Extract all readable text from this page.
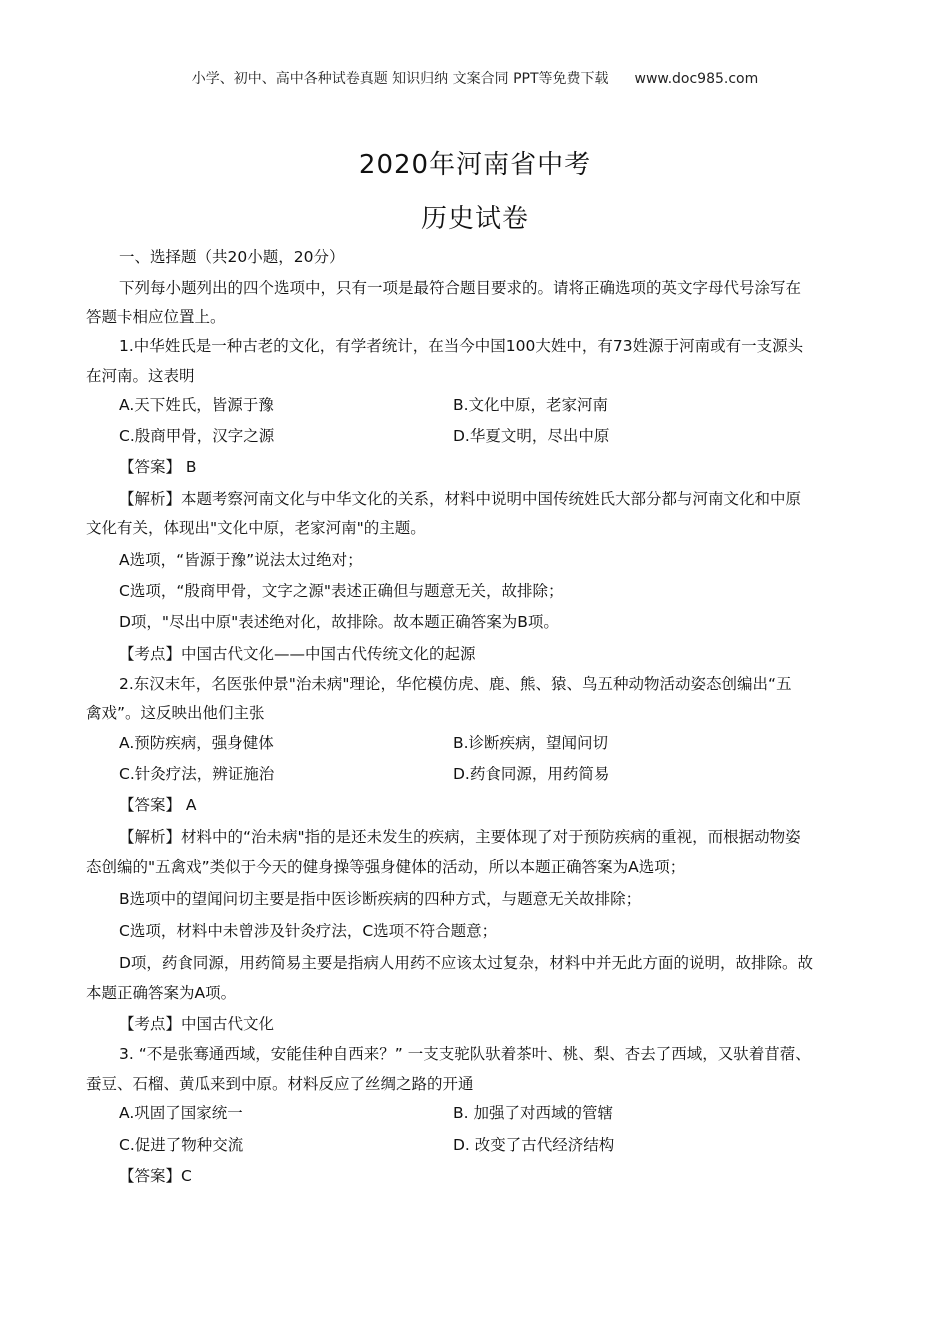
小学、初中、高中各种试卷真题 知识归纳 文案合同 PPT等免费下载 www.doc985.com
2020年河南省中考
历史试卷
一、选择题（共20小题，20分）
下列每小题列出的四个选项中，只有一项是最符合题目要求的。请将正确选项的英文字母代号涂写在
答题卡相应位置上。
1.中华姓氏是一种古老的文化，有学者统计，在当今中国100大姓中，有73姓源于河南或有一支源头
在河南。这表明
A.天下姓氏，皆源于豫	B.文化中原，老家河南
C.殷商甲骨，汉字之源	D.华夏文明，尽出中原
【答案】 B
【解析】本题考察河南文化与中华文化的关系，材料中说明中国传统姓氏大部分都与河南文化和中原
文化有关，体现出"文化中原，老家河南"的主题。
A选项，“皆源于豫”说法太过绝对；
C选项，“殷商甲骨，文字之源"表述正确但与题意无关，故排除；
D项，"尽出中原"表述绝对化，故排除。故本题正确答案为B项。
【考点】中国古代文化——中国古代传统文化的起源
2.东汉末年，名医张仲景"治未病"理论，华佗模仿虎、鹿、熊、猿、鸟五种动物活动姿态创编出“五
禽戏”。这反映出他们主张
A.预防疾病，强身健体	B.诊断疾病，望闻问切
C.针灸疗法，辨证施治	D.药食同源，用药简易
【答案】 A
【解析】材料中的“治未病"指的是还未发生的疾病，主要体现了对于预防疾病的重视，而根据动物姿
态创编的"五禽戏”类似于今天的健身操等强身健体的活动，所以本题正确答案为A选项；
B选项中的望闻问切主要是指中医诊断疾病的四种方式，与题意无关故排除；
C选项，材料中未曾涉及针灸疗法，C选项不符合题意；
D项，药食同源，用药简易主要是指病人用药不应该太过复杂，材料中并无此方面的说明，故排除。故
本题正确答案为A项。
【考点】中国古代文化
3. “不是张骞通西域，安能佳种自西来？” 一支支驼队驮着茶叶、桃、梨、杏去了西域，又驮着苜蓿、
蚕豆、石榴、黄瓜来到中原。材料反应了丝绸之路的开通
A.巩固了国家统一	B. 加强了对西域的管辖
C.促进了物种交流	D. 改变了古代经济结构
【答案】C
